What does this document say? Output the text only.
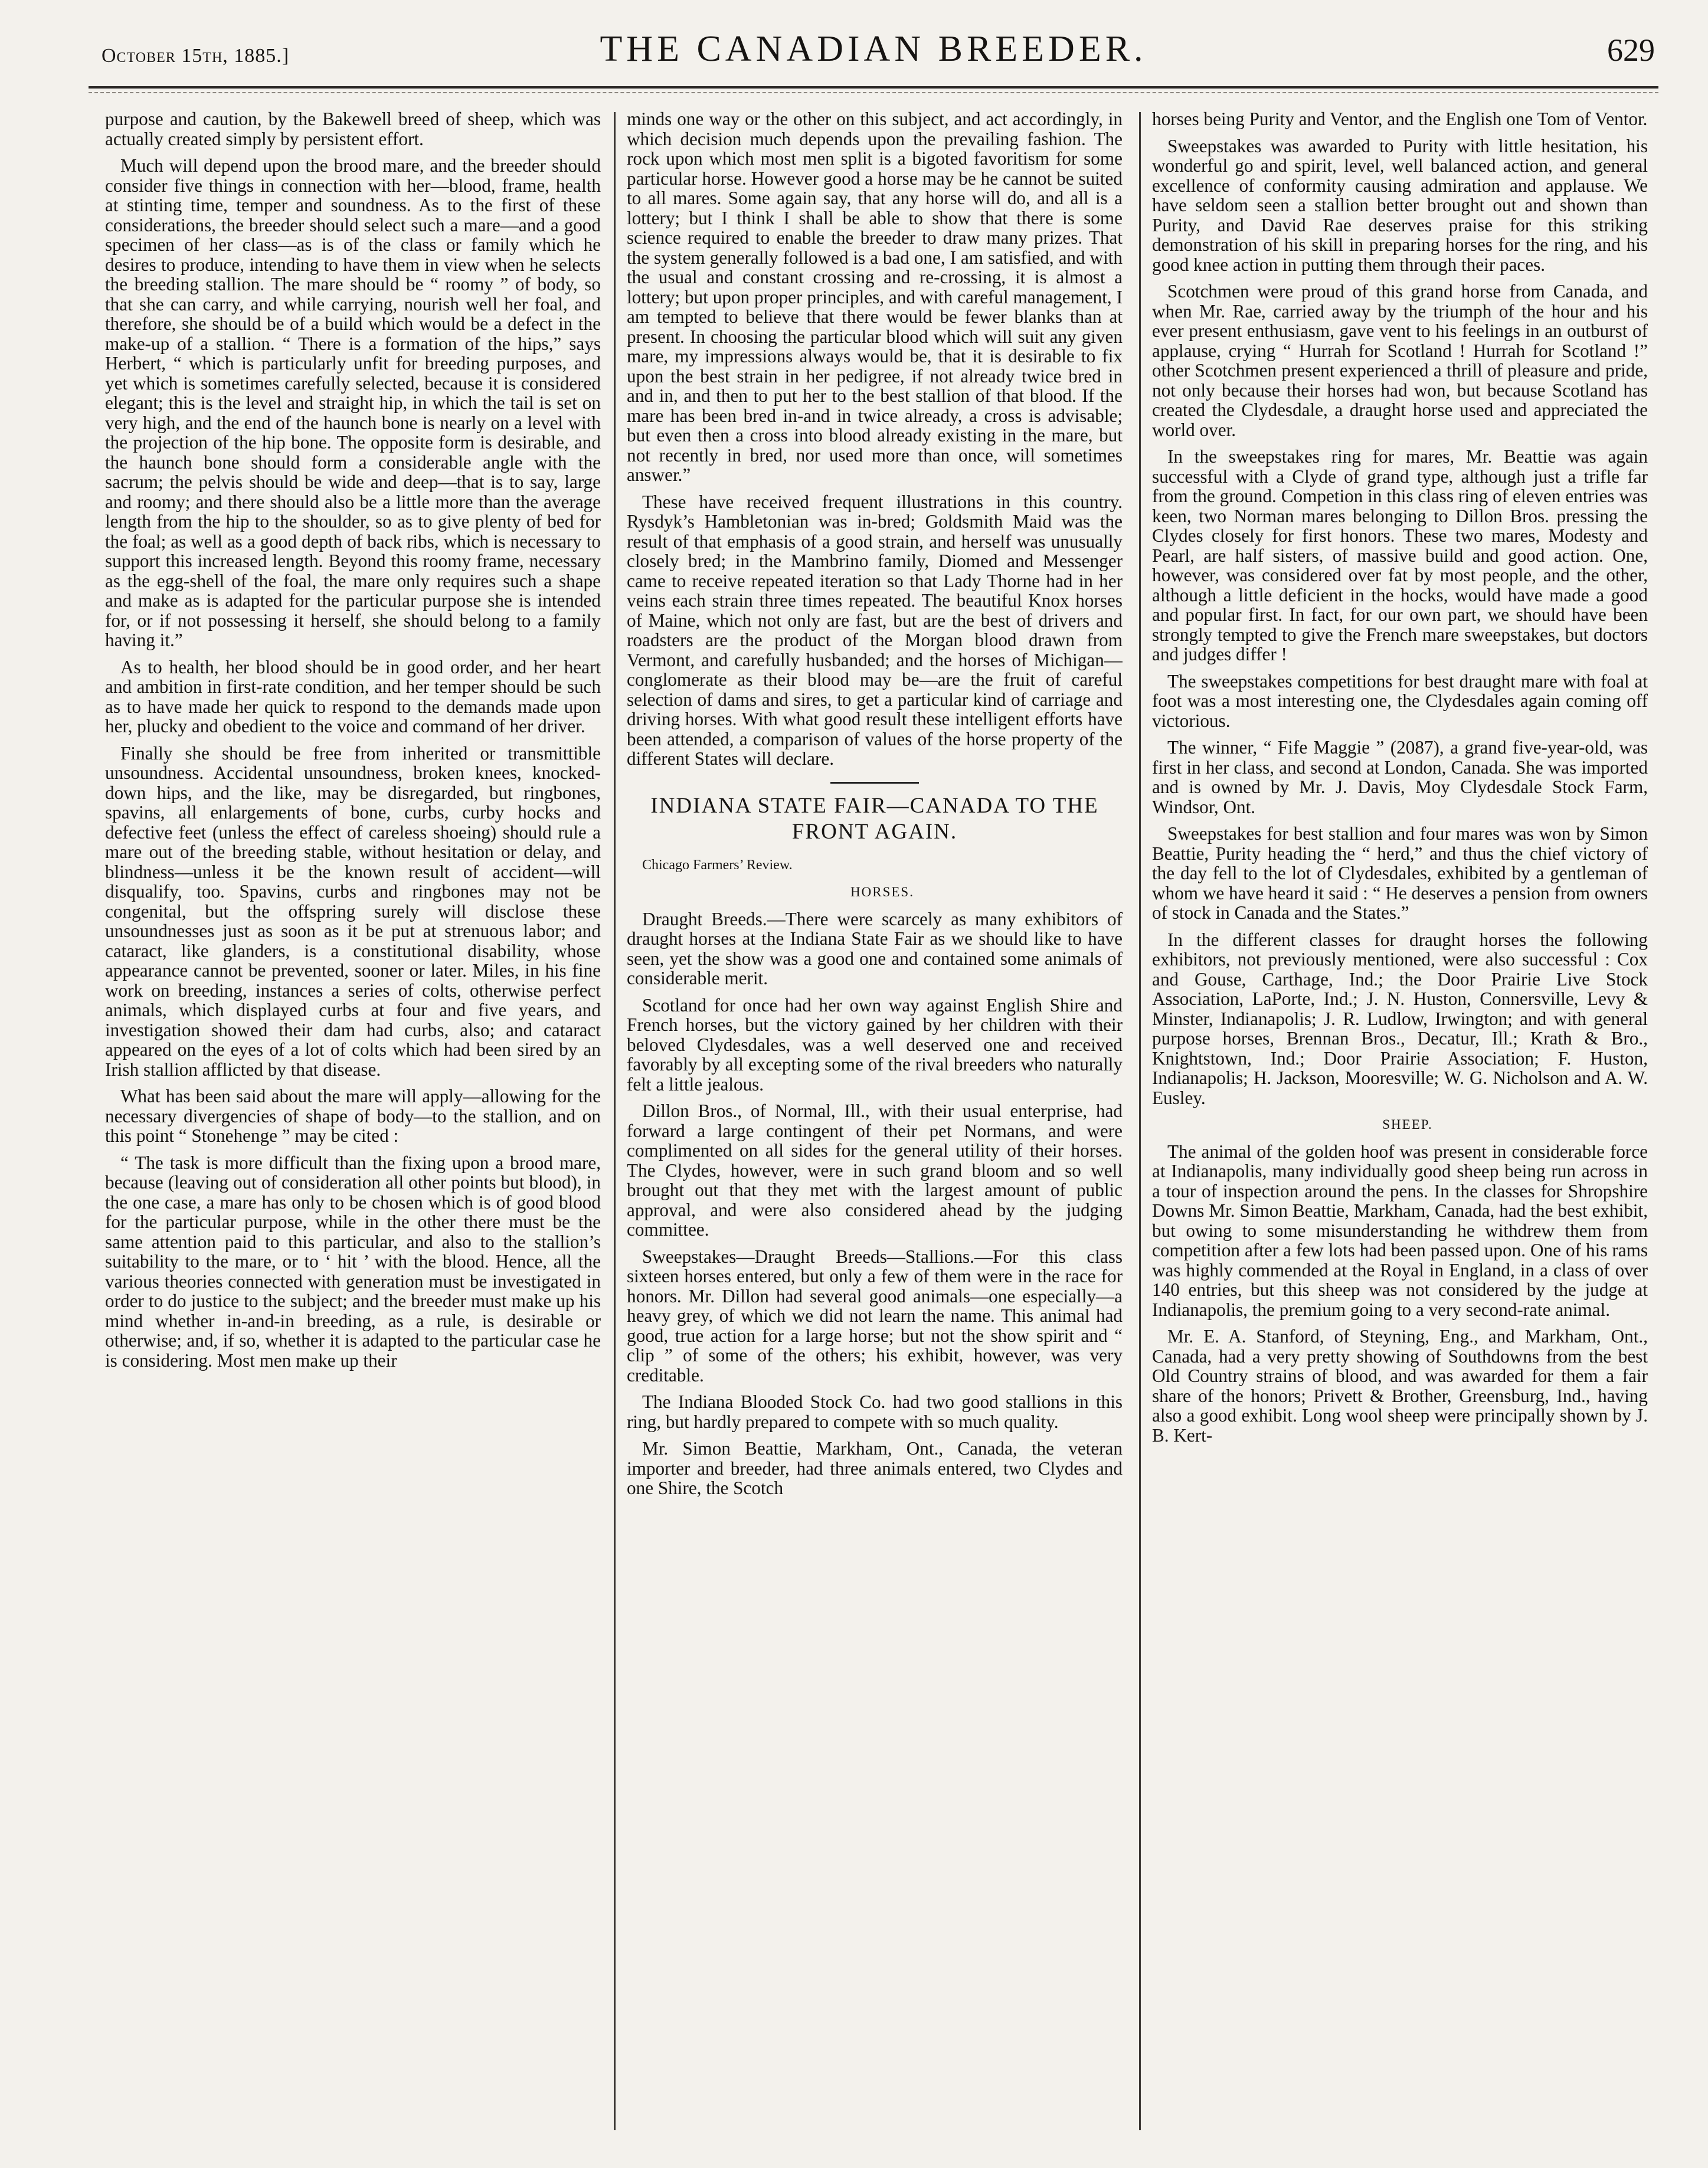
October 15th, 1885.]	THE CANADIAN BREEDER.	629

purpose and caution, by the Bakewell breed of sheep, which was actually created simply by persistent effort.

Much will depend upon the brood mare, and the breeder should consider five things in connection with her—blood, frame, health at stinting time, temper and soundness. As to the first of these considerations, the breeder should select such a mare—and a good specimen of her class—as is of the class or family which he desires to produce, intending to have them in view when he selects the breeding stallion. The mare should be “ roomy ” of body, so that she can carry, and while carrying, nourish well her foal, and therefore, she should be of a build which would be a defect in the make-up of a stallion. “ There is a formation of the hips,” says Herbert, “ which is particularly unfit for breeding purposes, and yet which is sometimes carefully selected, because it is considered elegant; this is the level and straight hip, in which the tail is set on very high, and the end of the haunch bone is nearly on a level with the projection of the hip bone. The opposite form is desirable, and the haunch bone should form a considerable angle with the sacrum; the pelvis should be wide and deep—that is to say, large and roomy; and there should also be a little more than the average length from the hip to the shoulder, so as to give plenty of bed for the foal; as well as a good depth of back ribs, which is necessary to support this increased length. Beyond this roomy frame, necessary as the egg-shell of the foal, the mare only requires such a shape and make as is adapted for the particular purpose she is intended for, or if not possessing it herself, she should belong to a family having it.”

As to health, her blood should be in good order, and her heart and ambition in first-rate condition, and her temper should be such as to have made her quick to respond to the demands made upon her, plucky and obedient to the voice and command of her driver.

Finally she should be free from inherited or transmittible unsoundness. Accidental unsoundness, broken knees, knocked-down hips, and the like, may be disregarded, but ringbones, spavins, all enlargements of bone, curbs, curby hocks and defective feet (unless the effect of careless shoeing) should rule a mare out of the breeding stable, without hesitation or delay, and blindness—unless it be the known result of accident—will disqualify, too. Spavins, curbs and ringbones may not be congenital, but the offspring surely will disclose these unsoundnesses just as soon as it be put at strenuous labor; and cataract, like glanders, is a constitutional disability, whose appearance cannot be prevented, sooner or later. Miles, in his fine work on breeding, instances a series of colts, otherwise perfect animals, which displayed curbs at four and five years, and investigation showed their dam had curbs, also; and cataract appeared on the eyes of a lot of colts which had been sired by an Irish stallion afflicted by that disease.

What has been said about the mare will apply—allowing for the necessary divergencies of shape of body—to the stallion, and on this point “ Stonehenge ” may be cited :

“ The task is more difficult than the fixing upon a brood mare, because (leaving out of consideration all other points but blood), in the one case, a mare has only to be chosen which is of good blood for the particular purpose, while in the other there must be the same attention paid to this particular, and also to the stallion’s suitability to the mare, or to ‘ hit ’ with the blood. Hence, all the various theories connected with generation must be investigated in order to do justice to the subject; and the breeder must make up his mind whether in-and-in breeding, as a rule, is desirable or otherwise; and, if so, whether it is adapted to the particular case he is considering. Most men make up their

minds one way or the other on this subject, and act accordingly, in which decision much depends upon the prevailing fashion. The rock upon which most men split is a bigoted favoritism for some particular horse. However good a horse may be he cannot be suited to all mares. Some again say, that any horse will do, and all is a lottery; but I think I shall be able to show that there is some science required to enable the breeder to draw many prizes. That the system generally followed is a bad one, I am satisfied, and with the usual and constant crossing and re-crossing, it is almost a lottery; but upon proper principles, and with careful management, I am tempted to believe that there would be fewer blanks than at present. In choosing the particular blood which will suit any given mare, my impressions always would be, that it is desirable to fix upon the best strain in her pedigree, if not already twice bred in and in, and then to put her to the best stallion of that blood. If the mare has been bred in-and in twice already, a cross is advisable; but even then a cross into blood already existing in the mare, but not recently in bred, nor used more than once, will sometimes answer.”

These have received frequent illustrations in this country. Rysdyk’s Hambletonian was in-bred; Goldsmith Maid was the result of that emphasis of a good strain, and herself was unusually closely bred; in the Mambrino family, Diomed and Messenger came to receive repeated iteration so that Lady Thorne had in her veins each strain three times repeated. The beautiful Knox horses of Maine, which not only are fast, but are the best of drivers and roadsters are the product of the Morgan blood drawn from Vermont, and carefully husbanded; and the horses of Michigan—conglomerate as their blood may be—are the fruit of careful selection of dams and sires, to get a particular kind of carriage and driving horses. With what good result these intelligent efforts have been attended, a comparison of values of the horse property of the different States will declare.

INDIANA STATE FAIR—CANADA TO THE FRONT AGAIN.

Chicago Farmers’ Review.

HORSES.

Draught Breeds.—There were scarcely as many exhibitors of draught horses at the Indiana State Fair as we should like to have seen, yet the show was a good one and contained some animals of considerable merit.

Scotland for once had her own way against English Shire and French horses, but the victory gained by her children with their beloved Clydesdales, was a well deserved one and received favorably by all excepting some of the rival breeders who naturally felt a little jealous.

Dillon Bros., of Normal, Ill., with their usual enterprise, had forward a large contingent of their pet Normans, and were complimented on all sides for the general utility of their horses. The Clydes, however, were in such grand bloom and so well brought out that they met with the largest amount of public approval, and were also considered ahead by the judging committee.

Sweepstakes—Draught Breeds—Stallions.—For this class sixteen horses entered, but only a few of them were in the race for honors. Mr. Dillon had several good animals—one especially—a heavy grey, of which we did not learn the name. This animal had good, true action for a large horse; but not the show spirit and “ clip ” of some of the others; his exhibit, however, was very creditable.

The Indiana Blooded Stock Co. had two good stallions in this ring, but hardly prepared to compete with so much quality.

Mr. Simon Beattie, Markham, Ont., Canada, the veteran importer and breeder, had three animals entered, two Clydes and one Shire, the Scotch

horses being Purity and Ventor, and the English one Tom of Ventor.

Sweepstakes was awarded to Purity with little hesitation, his wonderful go and spirit, level, well balanced action, and general excellence of conformity causing admiration and applause. We have seldom seen a stallion better brought out and shown than Purity, and David Rae deserves praise for this striking demonstration of his skill in preparing horses for the ring, and his good knee action in putting them through their paces.

Scotchmen were proud of this grand horse from Canada, and when Mr. Rae, carried away by the triumph of the hour and his ever present enthusiasm, gave vent to his feelings in an outburst of applause, crying “ Hurrah for Scotland ! Hurrah for Scotland !” other Scotchmen present experienced a thrill of pleasure and pride, not only because their horses had won, but because Scotland has created the Clydesdale, a draught horse used and appreciated the world over.

In the sweepstakes ring for mares, Mr. Beattie was again successful with a Clyde of grand type, although just a trifle far from the ground. Competion in this class ring of eleven entries was keen, two Norman mares belonging to Dillon Bros. pressing the Clydes closely for first honors. These two mares, Modesty and Pearl, are half sisters, of massive build and good action. One, however, was considered over fat by most people, and the other, although a little deficient in the hocks, would have made a good and popular first. In fact, for our own part, we should have been strongly tempted to give the French mare sweepstakes, but doctors and judges differ !

The sweepstakes competitions for best draught mare with foal at foot was a most interesting one, the Clydesdales again coming off victorious.

The winner, “ Fife Maggie ” (2087), a grand five-year-old, was first in her class, and second at London, Canada. She was imported and is owned by Mr. J. Davis, Moy Clydesdale Stock Farm, Windsor, Ont.

Sweepstakes for best stallion and four mares was won by Simon Beattie, Purity heading the “ herd,” and thus the chief victory of the day fell to the lot of Clydesdales, exhibited by a gentleman of whom we have heard it said : “ He deserves a pension from owners of stock in Canada and the States.”

In the different classes for draught horses the following exhibitors, not previously mentioned, were also successful : Cox and Gouse, Carthage, Ind.; the Door Prairie Live Stock Association, LaPorte, Ind.; J. N. Huston, Connersville, Levy & Minster, Indianapolis; J. R. Ludlow, Irwington; and with general purpose horses, Brennan Bros., Decatur, Ill.; Krath & Bro., Knightstown, Ind.; Door Prairie Association; F. Huston, Indianapolis; H. Jackson, Mooresville; W. G. Nicholson and A. W. Eusley.

SHEEP.

The animal of the golden hoof was present in considerable force at Indianapolis, many individually good sheep being run across in a tour of inspection around the pens. In the classes for Shropshire Downs Mr. Simon Beattie, Markham, Canada, had the best exhibit, but owing to some misunderstanding he withdrew them from competition after a few lots had been passed upon. One of his rams was highly commended at the Royal in England, in a class of over 140 entries, but this sheep was not considered by the judge at Indianapolis, the premium going to a very second-rate animal.

Mr. E. A. Stanford, of Steyning, Eng., and Markham, Ont., Canada, had a very pretty showing of Southdowns from the best Old Country strains of blood, and was awarded for them a fair share of the honors; Privett & Brother, Greensburg, Ind., having also a good exhibit. Long wool sheep were principally shown by J. B. Kert-
